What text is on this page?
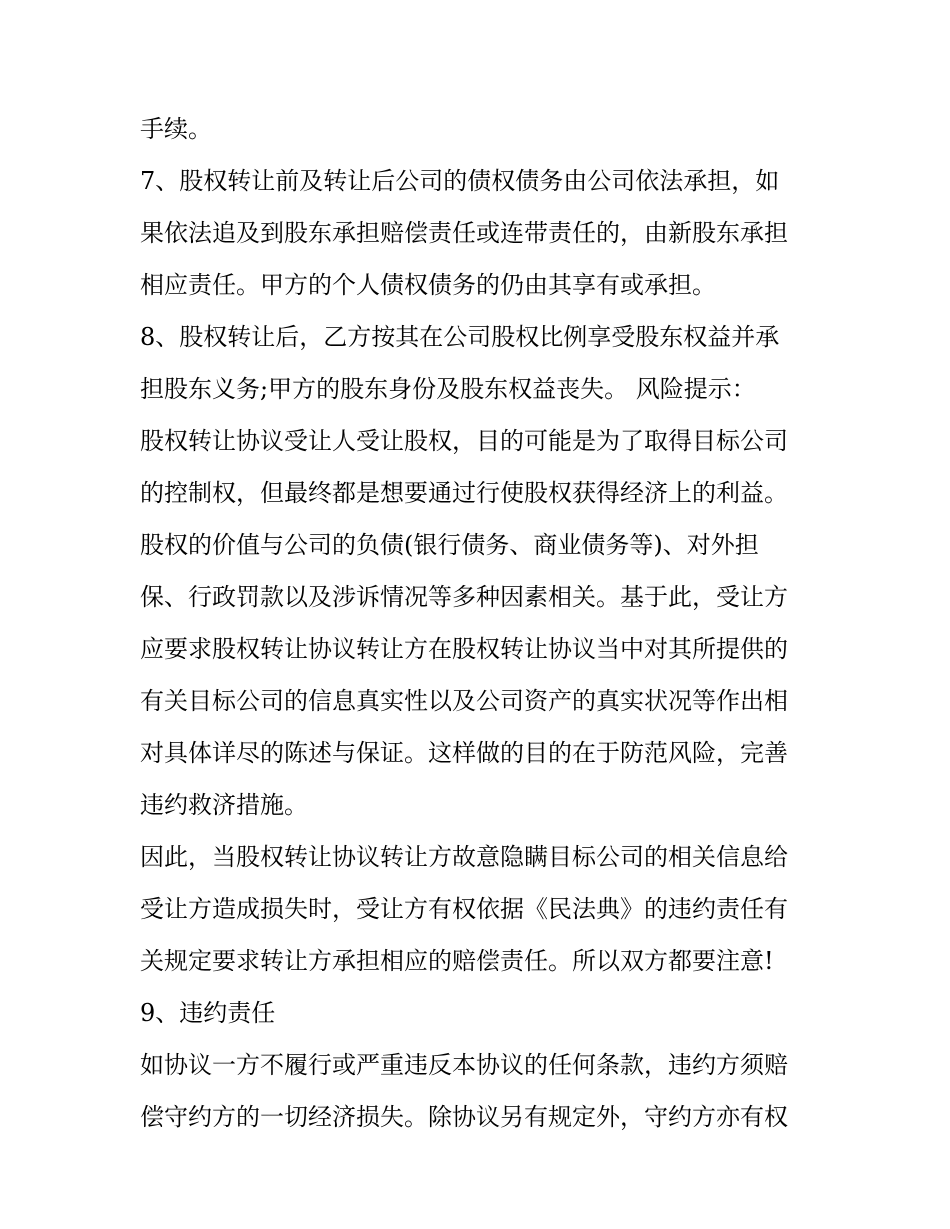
手续。
7、股权转让前及转让后公司的债权债务由公司依法承担，如
果依法追及到股东承担赔偿责任或连带责任的，由新股东承担
相应责任。甲方的个人债权债务的仍由其享有或承担。
8、股权转让后，乙方按其在公司股权比例享受股东权益并承
担股东义务;甲方的股东身份及股东权益丧失。 风险提示：
股权转让协议受让人受让股权，目的可能是为了取得目标公司
的控制权，但最终都是想要通过行使股权获得经济上的利益。
股权的价值与公司的负债(银行债务、商业债务等)、对外担
保、行政罚款以及涉诉情况等多种因素相关。基于此，受让方
应要求股权转让协议转让方在股权转让协议当中对其所提供的
有关目标公司的信息真实性以及公司资产的真实状况等作出相
对具体详尽的陈述与保证。这样做的目的在于防范风险，完善
违约救济措施。
因此，当股权转让协议转让方故意隐瞒目标公司的相关信息给
受让方造成损失时，受让方有权依据《民法典》的违约责任有
关规定要求转让方承担相应的赔偿责任。所以双方都要注意!
9、违约责任
如协议一方不履行或严重违反本协议的任何条款，违约方须赔
偿守约方的一切经济损失。除协议另有规定外，守约方亦有权
